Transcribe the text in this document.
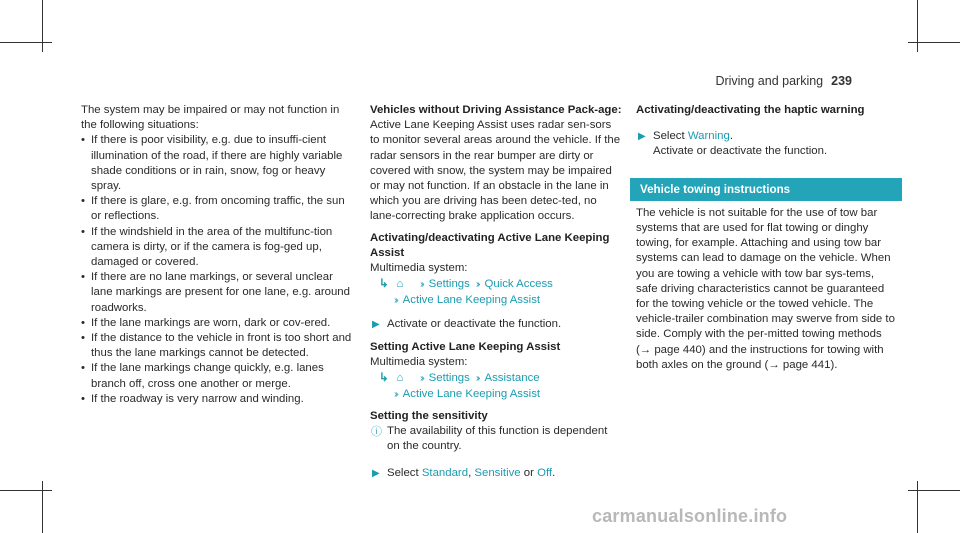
Driving and parking 239

The system may be impaired or may not function in the following situations:

• If there is poor visibility, e.g. due to insuffi-cient illumination of the road, if there are highly variable shade conditions or in rain, snow, fog or heavy spray.
• If there is glare, e.g. from oncoming traffic, the sun or reflections.
• If the windshield in the area of the multifunc-tion camera is dirty, or if the camera is fog-ged up, damaged or covered.
• If there are no lane markings, or several unclear lane markings are present for one lane, e.g. around roadworks.
• If the lane markings are worn, dark or cov-ered.
• If the distance to the vehicle in front is too short and thus the lane markings cannot be detected.
• If the lane markings change quickly, e.g. lanes branch off, cross one another or merge.
• If the roadway is very narrow and winding.

Vehicles without Driving Assistance Pack-age: Active Lane Keeping Assist uses radar sen-sors to monitor several areas around the vehicle. If the radar sensors in the rear bumper are dirty or covered with snow, the system may be impaired or may not function. If an obstacle in the lane in which you are driving has been detec-ted, no lane-correcting brake application occurs.

Activating/deactivating Active Lane Keeping Assist

Multimedia system:

↳ ⌂ ›› Settings ›› Quick Access
›› Active Lane Keeping Assist
▶ Activate or deactivate the function.

Setting Active Lane Keeping Assist

Multimedia system:

↳ ⌂ ›› Settings ›› Assistance
›› Active Lane Keeping Assist

Setting the sensitivity

ⓘ The availability of this function is dependent on the country.
▶ Select Standard, Sensitive or Off.

Activating/deactivating the haptic warning

▶ Select Warning.

Activate or deactivate the function.

Vehicle towing instructions

The vehicle is not suitable for the use of tow bar systems that are used for flat towing or dinghy towing, for example. Attaching and using tow bar systems can lead to damage on the vehicle. When you are towing a vehicle with tow bar sys-tems, safe driving characteristics cannot be guaranteed for the towing vehicle or the towed vehicle. The vehicle-trailer combination may swerve from side to side. Comply with the per-mitted towing methods (→ page 440) and the instructions for towing with both axles on the ground (→ page 441).

carmanualsonline.info
